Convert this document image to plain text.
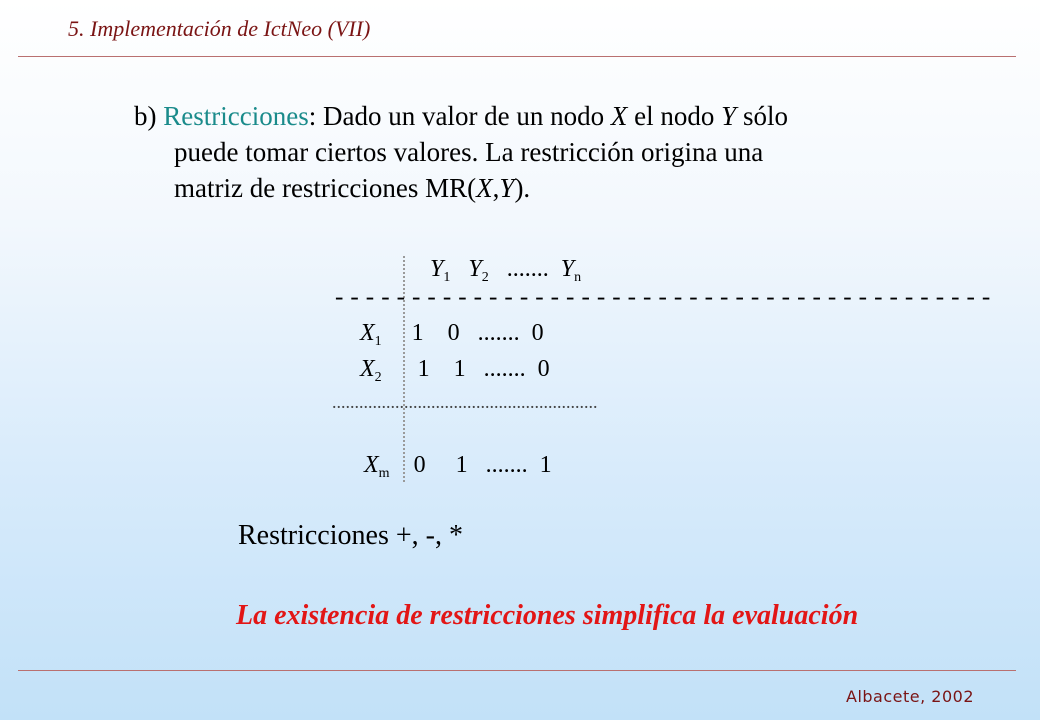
5. Implementación de IctNeo (VII)
b) Restricciones: Dado un valor de un nodo X el nodo Y sólo
puede tomar ciertos valores. La restricción origina una
matriz de restricciones MR(X,Y).
$Y_1$ $Y_2$ ....... $Y_n$
-------------------------------------------
$X_1$ 1 0 ....... 0
$X_2$ 1 1 ....... 0
...........................................................
$X_m$ 0 1 ....... 1
Restricciones +, -, *
La existencia de restricciones simplifica la evaluación
Albacete, 2002
